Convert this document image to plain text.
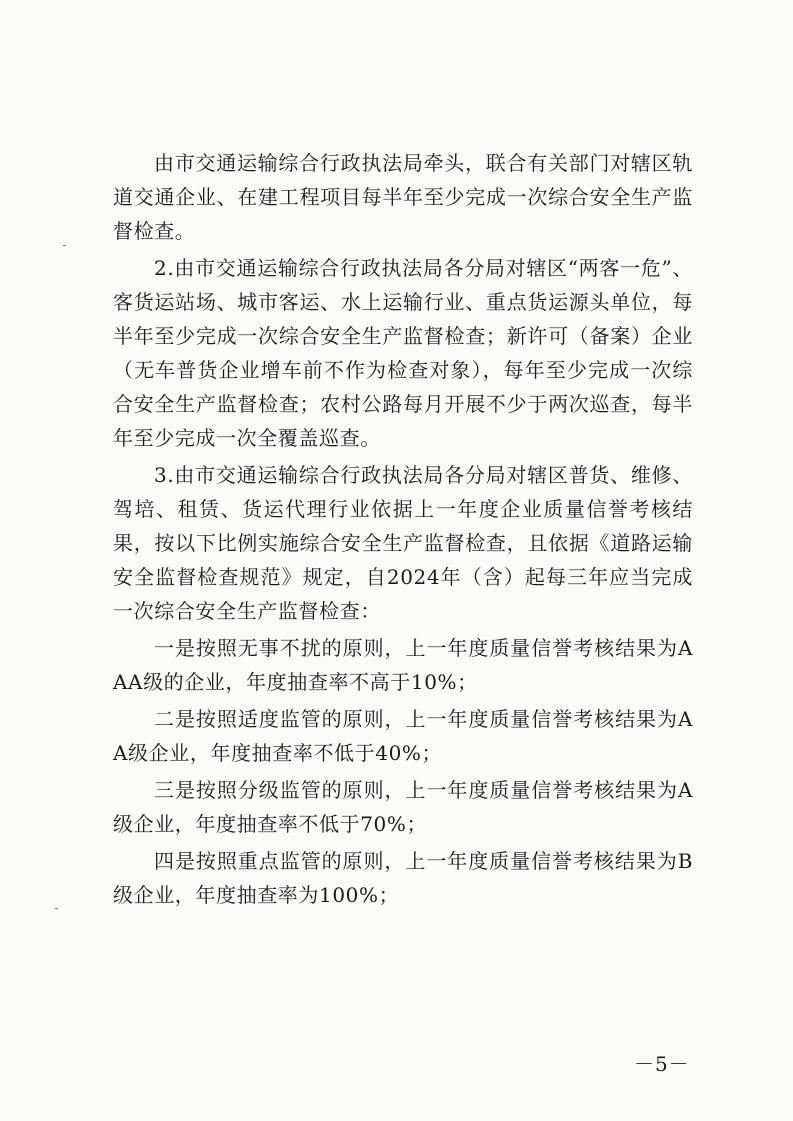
由市交通运输综合行政执法局牵头，联合有关部门对辖区轨道交通企业、在建工程项目每半年至少完成一次综合安全生产监督检查。

2.由市交通运输综合行政执法局各分局对辖区“两客一危”、客货运站场、城市客运、水上运输行业、重点货运源头单位，每半年至少完成一次综合安全生产监督检查；新许可（备案）企业（无车普货企业增车前不作为检查对象），每年至少完成一次综合安全生产监督检查；农村公路每月开展不少于两次巡查，每半年至少完成一次全覆盖巡查。

3.由市交通运输综合行政执法局各分局对辖区普货、维修、驾培、租赁、货运代理行业依据上一年度企业质量信誉考核结果，按以下比例实施综合安全生产监督检查，且依据《道路运输安全监督检查规范》规定，自2024年（含）起每三年应当完成一次综合安全生产监督检查：

一是按照无事不扰的原则，上一年度质量信誉考核结果为AAA级的企业，年度抽查率不高于10%；

二是按照适度监管的原则，上一年度质量信誉考核结果为AA级企业，年度抽查率不低于40%；

三是按照分级监管的原则，上一年度质量信誉考核结果为A级企业，年度抽查率不低于70%；

四是按照重点监管的原则，上一年度质量信誉考核结果为B级企业，年度抽查率为100%；

－5－
